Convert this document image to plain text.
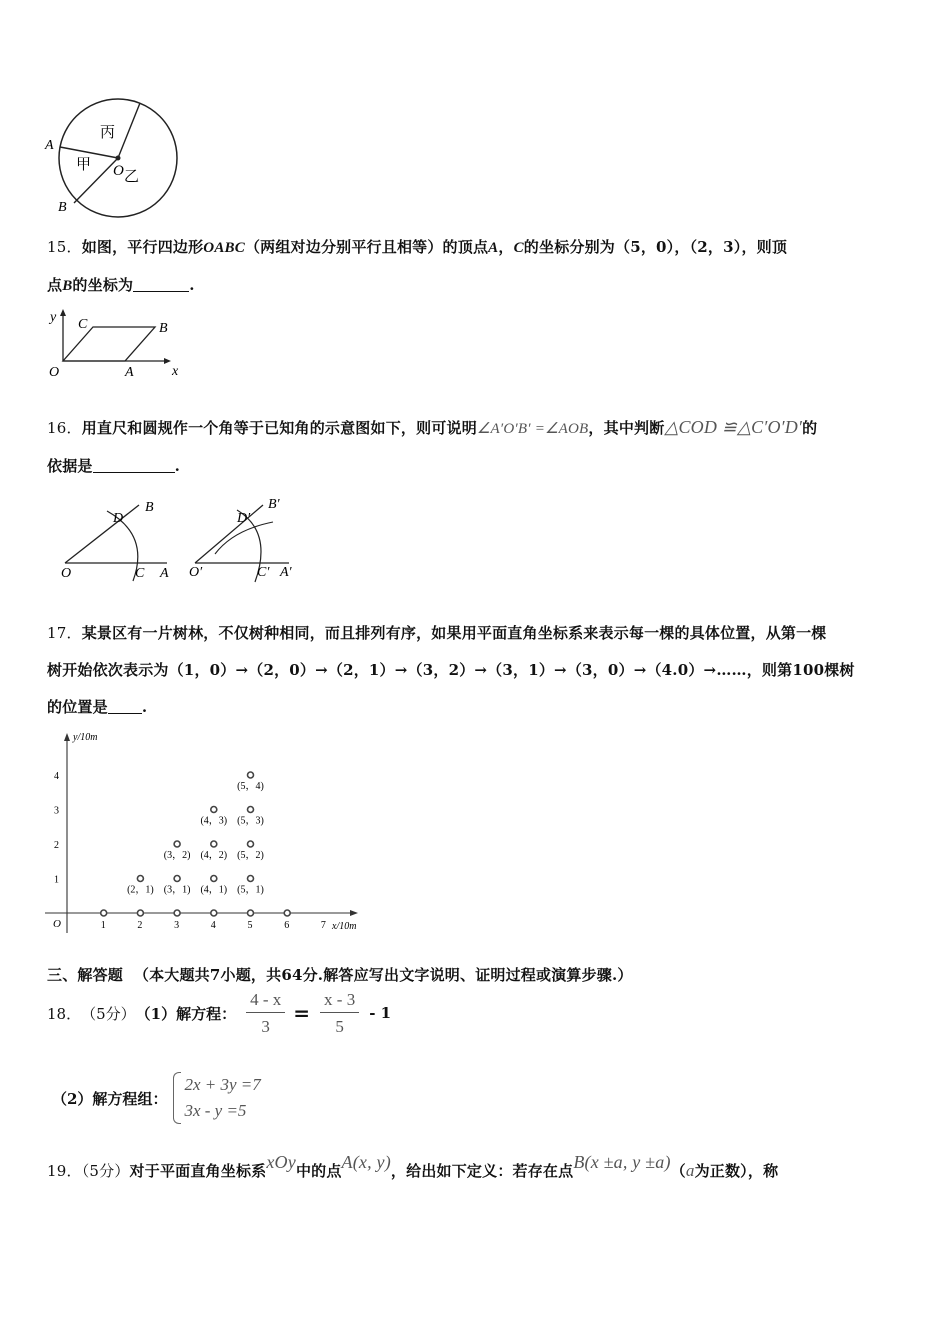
A
B
O
丙
甲
乙
15．如图，平行四边形OABC（两组对边分别平行且相等）的顶点A，C的坐标分别为（5，0），（2，3），则顶
点B的坐标为	.
y
x
O	A
B
C
16．用直尺和圆规作一个角等于已知角的示意图如下，则可说明∠A′O′B′ =∠AOB，其中判断△COD ≌△C′O′D′的
依据是	.
O	C A
D
B
O′	C′ A′
D′
B′
17．某景区有一片树林，不仅树种相同，而且排列有序，如果用平面直角坐标系来表示每一棵的具体位置，从第一棵
树开始依次表示为（1，0）→（2，0）→（2，1）→（3，2）→（3，1）→（3，0）→（4.0）→……，则第100棵树
的位置是 .
y/10m
x/10m
O	1	2	3	4	5	6	7
1
2
3
4
(2，1) (3，1) (4，1) (5，1)
(3，2) (4，2) (5，2)
(4，3) (5，3)
(5，4)
三、解答题 （本大题共7小题，共64分.解答应写出文字说明、证明过程或演算步骤.）
18． （5分） （1）解方程： $\frac{4 - x}{3} = \frac{x - 3}{5} - 1$
（2）解方程组：
2x + 3y =7
3x - y =5
19．（5分）对于平面直角坐标系xOy中的点A(x, y)，给出如下定义：若存在点B(x ±a, y ±a)（a为正数），称
